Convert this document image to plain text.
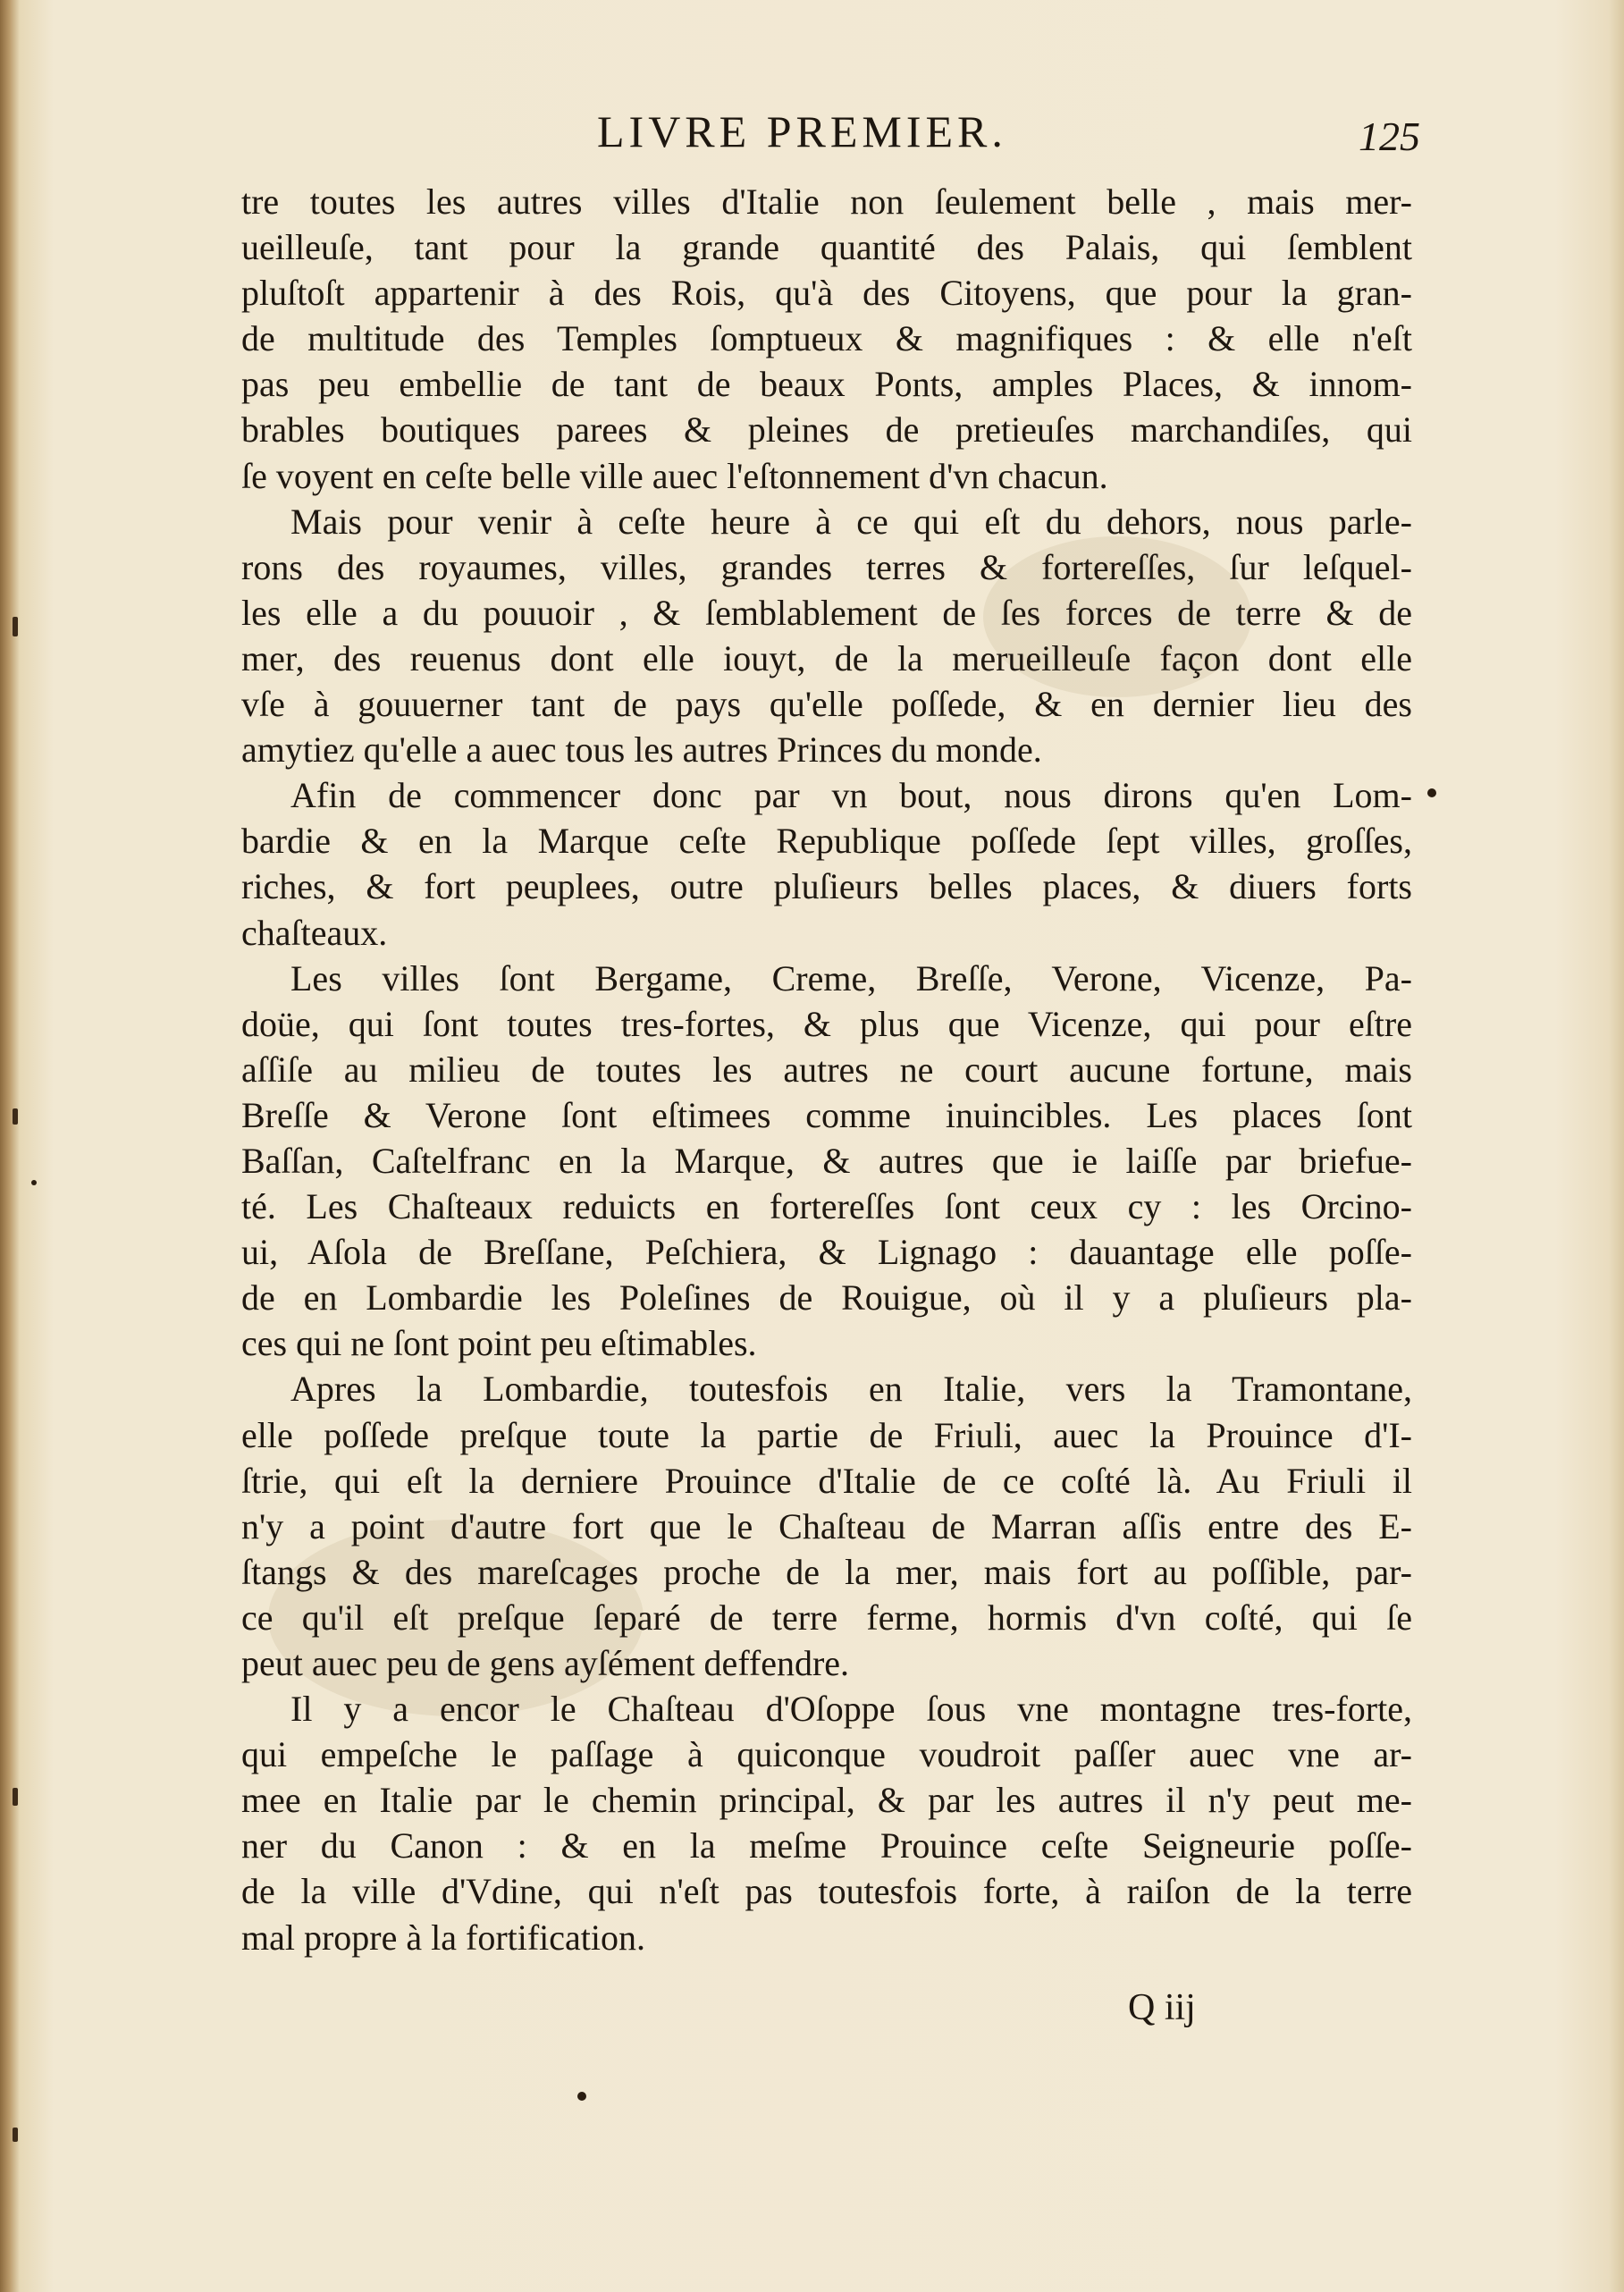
LIVRE PREMIER.	125
tre toutes les autres villes d'Italie non ſeulement belle , mais mer-
ueilleuſe, tant pour la grande quantité des Palais, qui ſemblent
pluſtoſt appartenir à des Rois, qu'à des Citoyens, que pour la gran-
de multitude des Temples ſomptueux & magnifiques : & elle n'eſt
pas peu embellie de tant de beaux Ponts, amples Places, & innom-
brables boutiques parees & pleines de pretieuſes marchandiſes, qui
ſe voyent en ceſte belle ville auec l'eſtonnement d'vn chacun.
Mais pour venir à ceſte heure à ce qui eſt du dehors, nous parle-
rons des royaumes, villes, grandes terres & fortereſſes, ſur leſquel-
les elle a du pouuoir , & ſemblablement de ſes forces de terre & de
mer, des reuenus dont elle iouyt, de la merueilleuſe façon dont elle
vſe à gouuerner tant de pays qu'elle poſſede, & en dernier lieu des
amytiez qu'elle a auec tous les autres Princes du monde.
Afin de commencer donc par vn bout, nous dirons qu'en Lom-
bardie & en la Marque ceſte Republique poſſede ſept villes, groſſes,
riches, & fort peuplees, outre pluſieurs belles places, & diuers forts
chaſteaux.
Les villes ſont Bergame, Creme, Breſſe, Verone, Vicenze, Pa-
doüe, qui ſont toutes tres-fortes, & plus que Vicenze, qui pour eſtre
aſſiſe au milieu de toutes les autres ne court aucune fortune, mais
Breſſe & Verone ſont eſtimees comme inuincibles. Les places ſont
Baſſan, Caſtelfranc en la Marque, & autres que ie laiſſe par briefue-
té. Les Chaſteaux reduicts en fortereſſes ſont ceux cy : les Orcino-
ui, Aſola de Breſſane, Peſchiera, & Lignago : dauantage elle poſſe-
de en Lombardie les Poleſines de Rouigue, où il y a pluſieurs pla-
ces qui ne ſont point peu eſtimables.
Apres la Lombardie, toutesfois en Italie, vers la Tramontane,
elle poſſede preſque toute la partie de Friuli, auec la Prouince d'I-
ſtrie, qui eſt la derniere Prouince d'Italie de ce coſté là. Au Friuli il
n'y a point d'autre fort que le Chaſteau de Marran aſſis entre des E-
ſtangs & des mareſcages proche de la mer, mais fort au poſſible, par-
ce qu'il eſt preſque ſeparé de terre ferme, hormis d'vn coſté, qui ſe
peut auec peu de gens ayſément deffendre.
Il y a encor le Chaſteau d'Oſoppe ſous vne montagne tres-forte,
qui empeſche le paſſage à quiconque voudroit paſſer auec vne ar-
mee en Italie par le chemin principal, & par les autres il n'y peut me-
ner du Canon : & en la meſme Prouince ceſte Seigneurie poſſe-
de la ville d'Vdine, qui n'eſt pas toutesfois forte, à raiſon de la terre
mal propre à la fortification.
Q iij
